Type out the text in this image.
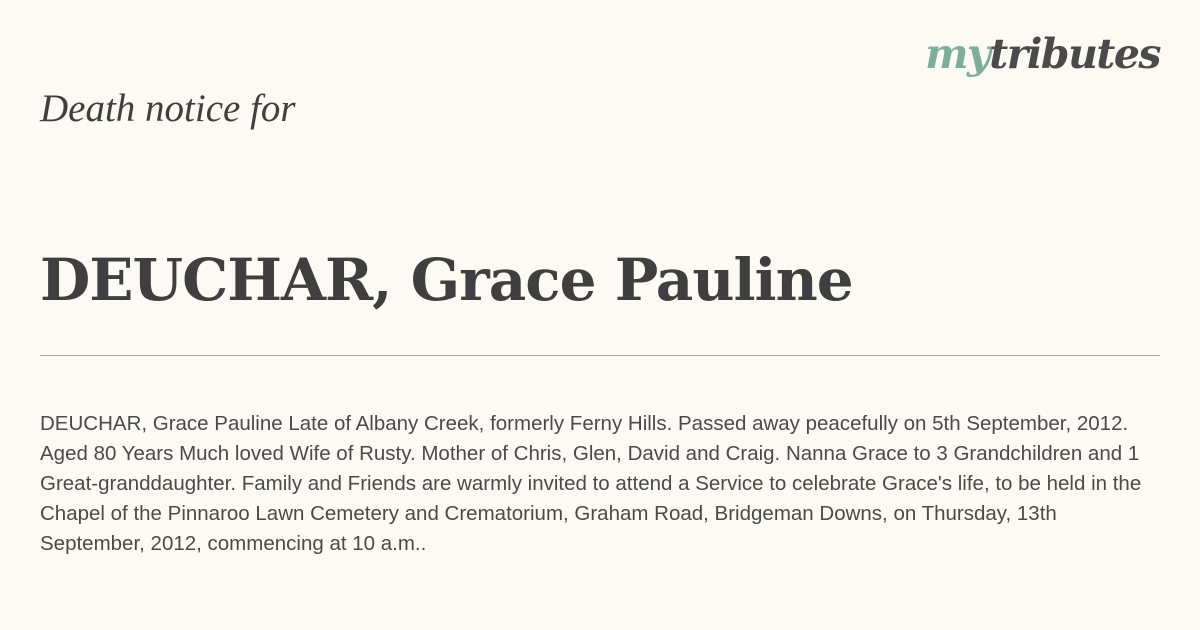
mytributes
Death notice for
DEUCHAR, Grace Pauline

DEUCHAR, Grace Pauline Late of Albany Creek, formerly Ferny Hills. Passed away peacefully on 5th September, 2012. Aged 80 Years Much loved Wife of Rusty. Mother of Chris, Glen, David and Craig. Nanna Grace to 3 Grandchildren and 1 Great-granddaughter. Family and Friends are warmly invited to attend a Service to celebrate Grace's life, to be held in the Chapel of the Pinnaroo Lawn Cemetery and Crematorium, Graham Road, Bridgeman Downs, on Thursday, 13th September, 2012, commencing at 10 a.m..
